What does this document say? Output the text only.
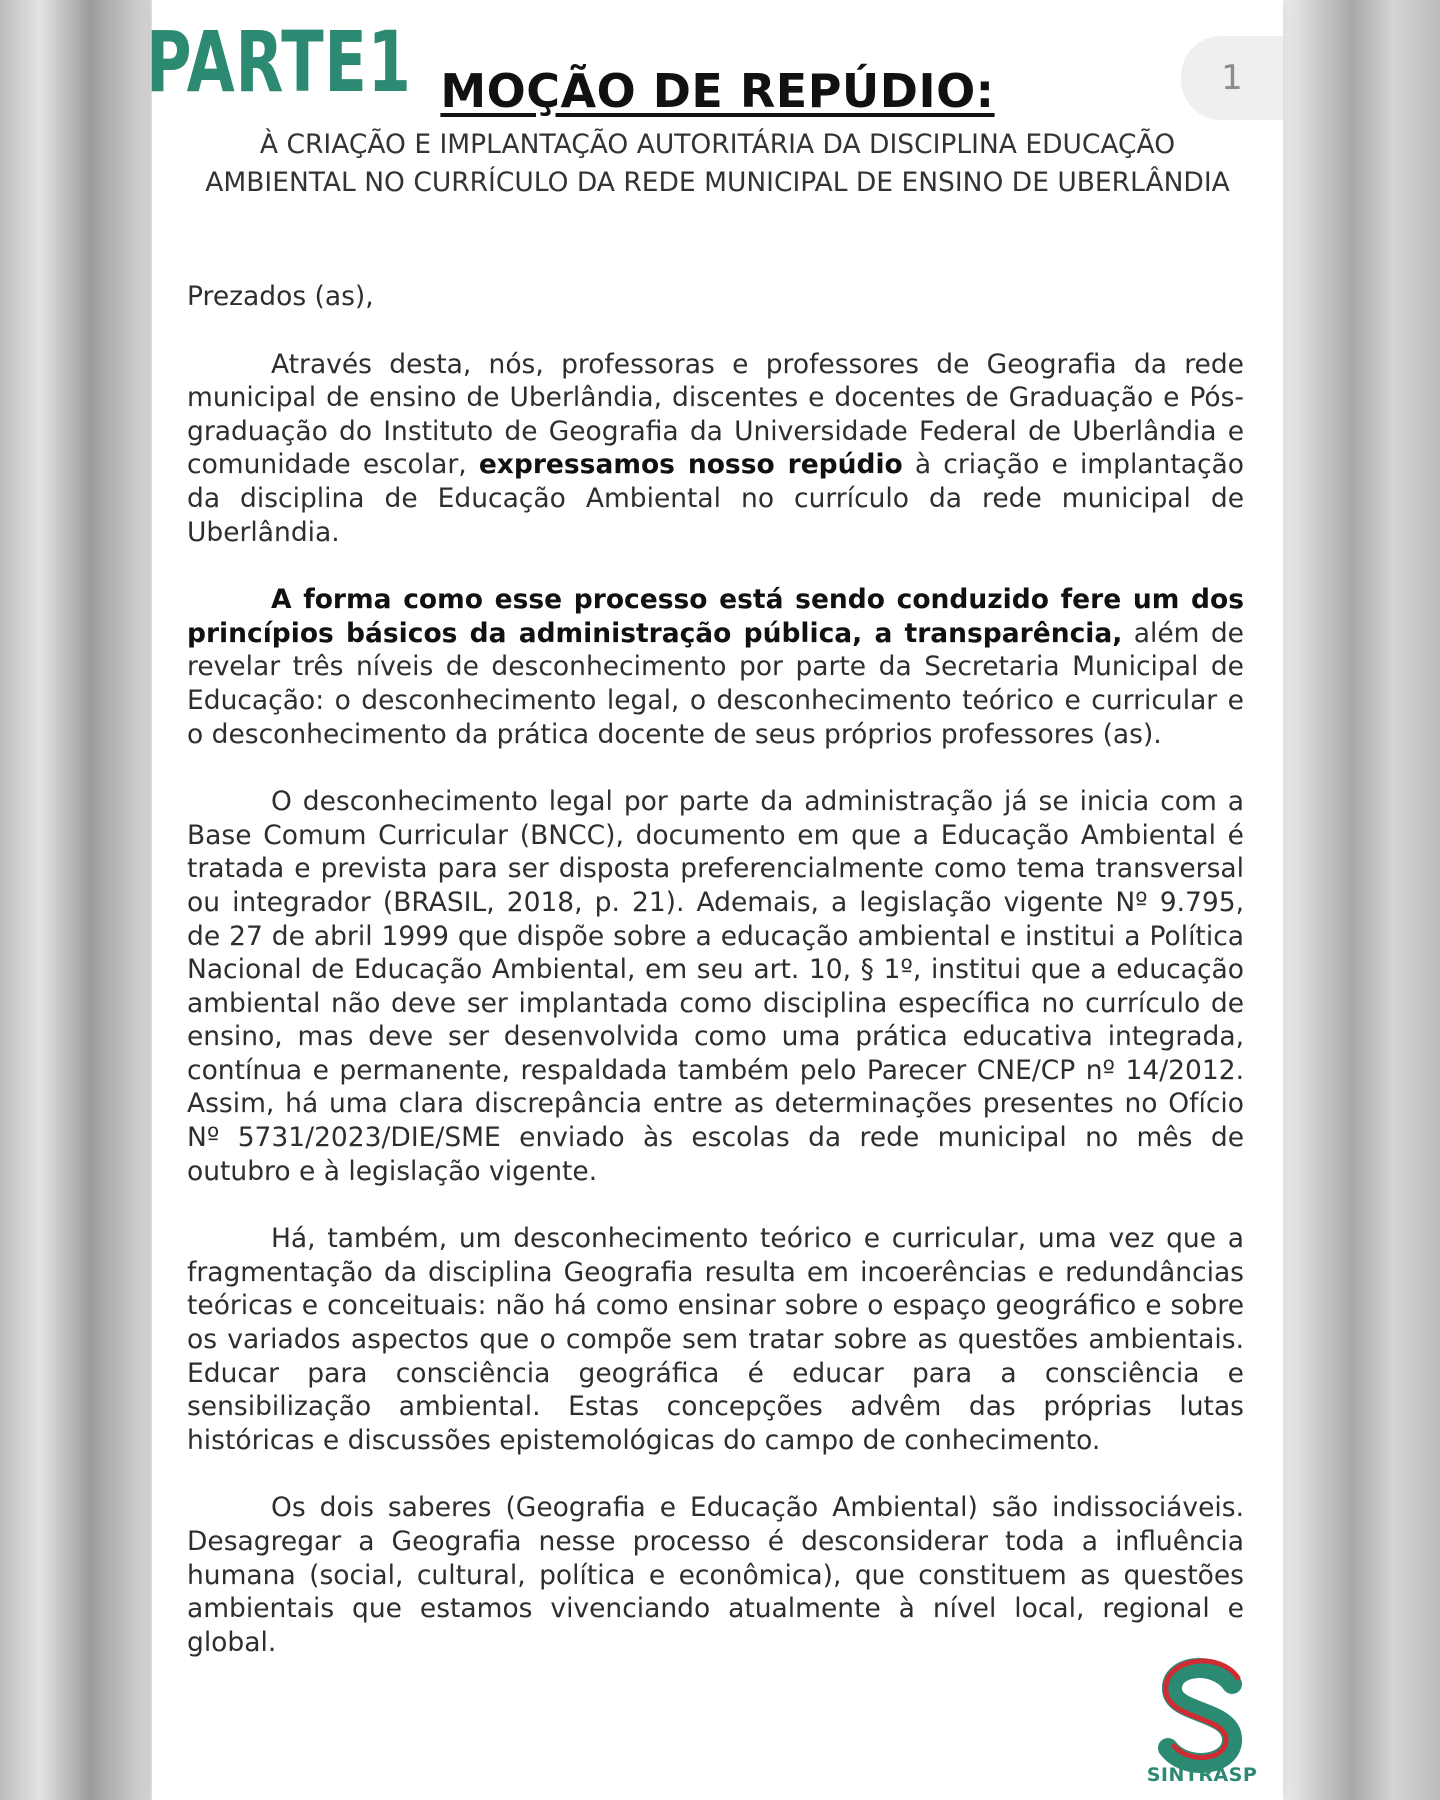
PARTE1	1
MOÇÃO DE REPÚDIO:
À CRIAÇÃO E IMPLANTAÇÃO AUTORITÁRIA DA DISCIPLINA EDUCAÇÃO
AMBIENTAL NO CURRÍCULO DA REDE MUNICIPAL DE ENSINO DE UBERLÂNDIA

Prezados (as),

Através desta, nós, professoras e professores de Geografia da rede municipal de ensino de Uberlândia, discentes e docentes de Graduação e Pós-graduação do Instituto de Geografia da Universidade Federal de Uberlândia e comunidade escolar, expressamos nosso repúdio à criação e implantação da disciplina de Educação Ambiental no currículo da rede municipal de Uberlândia.

A forma como esse processo está sendo conduzido fere um dos princípios básicos da administração pública, a transparência, além de revelar três níveis de desconhecimento por parte da Secretaria Municipal de Educação: o desconhecimento legal, o desconhecimento teórico e curricular e o desconhecimento da prática docente de seus próprios professores (as).

O desconhecimento legal por parte da administração já se inicia com a Base Comum Curricular (BNCC), documento em que a Educação Ambiental é tratada e prevista para ser disposta preferencialmente como tema transversal ou integrador (BRASIL, 2018, p. 21). Ademais, a legislação vigente Nº 9.795, de 27 de abril 1999 que dispõe sobre a educação ambiental e institui a Política Nacional de Educação Ambiental, em seu art. 10, § 1º, institui que a educação ambiental não deve ser implantada como disciplina específica no currículo de ensino, mas deve ser desenvolvida como uma prática educativa integrada, contínua e permanente, respaldada também pelo Parecer CNE/CP nº 14/2012. Assim, há uma clara discrepância entre as determinações presentes no Ofício Nº 5731/2023/DIE/SME enviado às escolas da rede municipal no mês de outubro e à legislação vigente.

Há, também, um desconhecimento teórico e curricular, uma vez que a fragmentação da disciplina Geografia resulta em incoerências e redundâncias teóricas e conceituais: não há como ensinar sobre o espaço geográfico e sobre os variados aspectos que o compõe sem tratar sobre as questões ambientais. Educar para consciência geográfica é educar para a consciência e sensibilização ambiental. Estas concepções advêm das próprias lutas históricas e discussões epistemológicas do campo de conhecimento.

Os dois saberes (Geografia e Educação Ambiental) são indissociáveis. Desagregar a Geografia nesse processo é desconsiderar toda a influência humana (social, cultural, política e econômica), que constituem as questões ambientais que estamos vivenciando atualmente à nível local, regional e global.

SINTRASP
